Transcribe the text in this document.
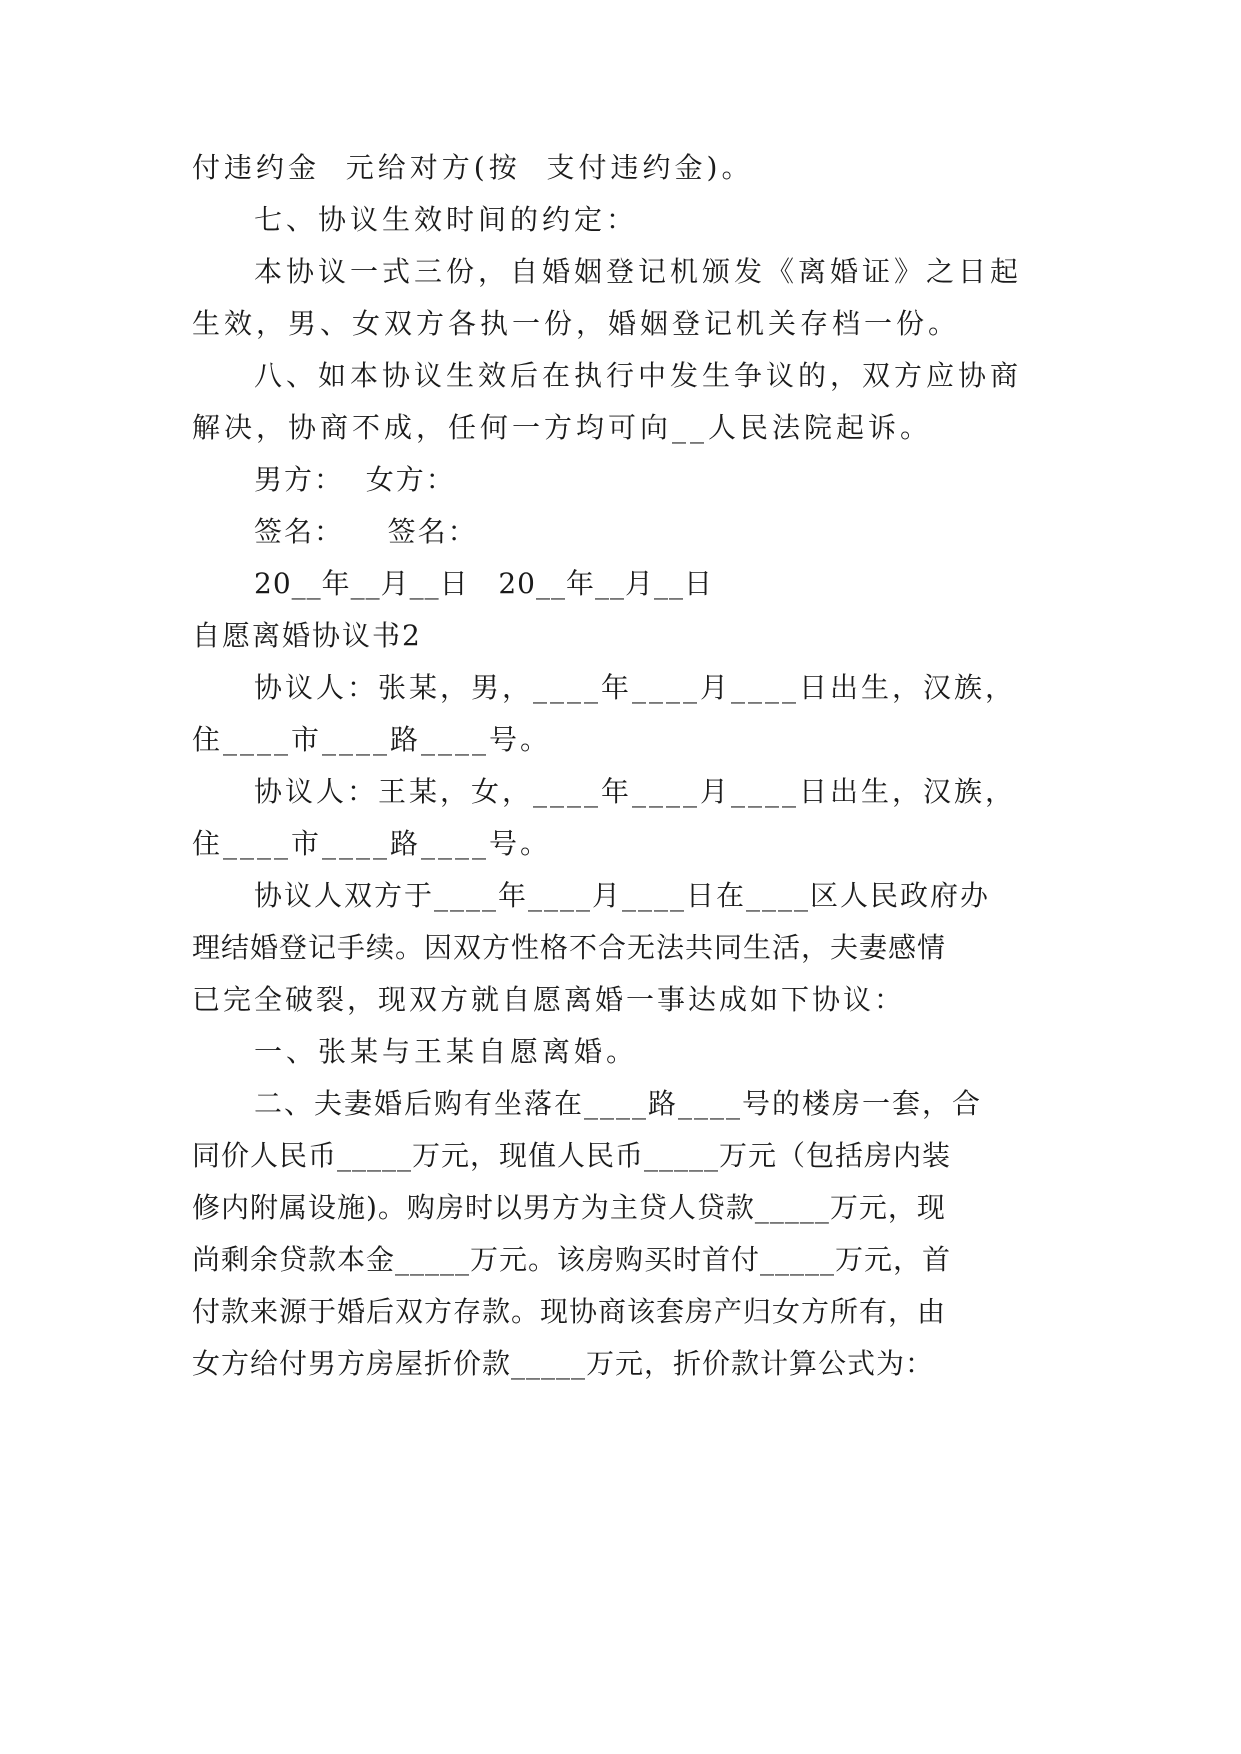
付违约金  元给对方(按  支付违约金)。
七、协议生效时间的约定：
本协议一式三份，自婚姻登记机颁发《离婚证》之日起
生效，男、女双方各执一份，婚姻登记机关存档一份。
八、如本协议生效后在执行中发生争议的，双方应协商
解决，协商不成，任何一方均可向__人民法院起诉。
男方：  女方：
签名：    签名：
20__年__月__日   20__年__月__日
自愿离婚协议书2
协议人：张某，男，____年____月____日出生，汉族，
住____市____路____号。
协议人：王某，女，____年____月____日出生，汉族，
住____市____路____号。
协议人双方于____年____月____日在____区人民政府办
理结婚登记手续。因双方性格不合无法共同生活，夫妻感情
已完全破裂，现双方就自愿离婚一事达成如下协议：
一、张某与王某自愿离婚。
二、夫妻婚后购有坐落在____路____号的楼房一套，合
同价人民币_____万元，现值人民币_____万元（包括房内装
修内附属设施)。购房时以男方为主贷人贷款_____万元，现
尚剩余贷款本金_____万元。该房购买时首付_____万元，首
付款来源于婚后双方存款。现协商该套房产归女方所有，由
女方给付男方房屋折价款_____万元，折价款计算公式为：
